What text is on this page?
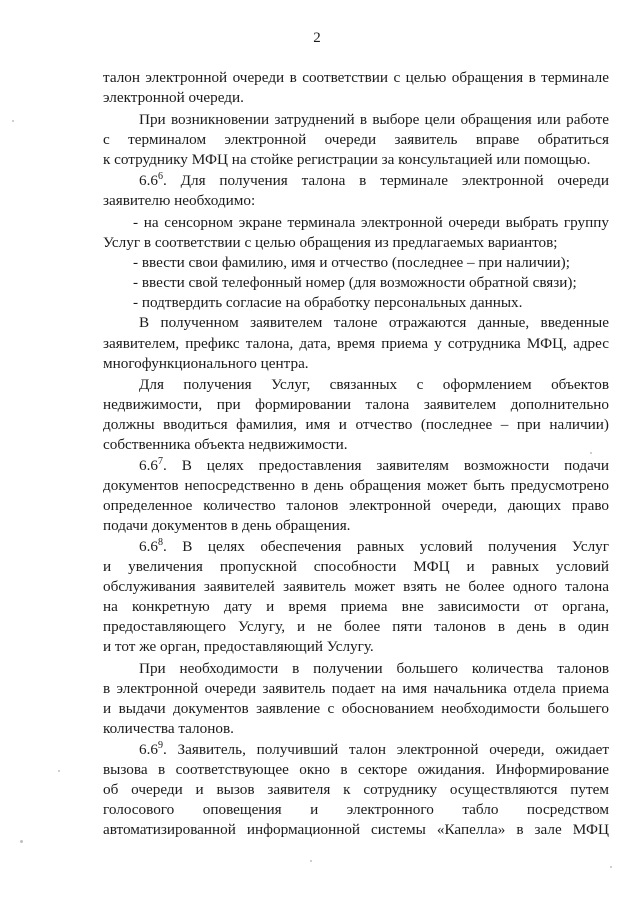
2
талон электронной очереди в соответствии с целью обращения в терминале
электронной очереди.
При возникновении затруднений в выборе цели обращения или работе
с терминалом электронной очереди заявитель вправе обратиться
к сотруднику МФЦ на стойке регистрации за консультацией или помощью.
$6.6^6$. Для получения талона в терминале электронной очереди
заявителю необходимо:
- на сенсорном экране терминала электронной очереди выбрать группу
Услуг в соответствии с целью обращения из предлагаемых вариантов;
- ввести свои фамилию, имя и отчество (последнее – при наличии);
- ввести свой телефонный номер (для возможности обратной связи);
- подтвердить согласие на обработку персональных данных.
В полученном заявителем талоне отражаются данные, введенные
заявителем, префикс талона, дата, время приема у сотрудника МФЦ, адрес
многофункционального центра.
Для получения Услуг, связанных с оформлением объектов
недвижимости, при формировании талона заявителем дополнительно
должны вводиться фамилия, имя и отчество (последнее – при наличии)
собственника объекта недвижимости.
$6.6^7$. В целях предоставления заявителям возможности подачи
документов непосредственно в день обращения может быть предусмотрено
определенное количество талонов электронной очереди, дающих право
подачи документов в день обращения.
$6.6^8$. В целях обеспечения равных условий получения Услуг
и увеличения пропускной способности МФЦ и равных условий
обслуживания заявителей заявитель может взять не более одного талона
на конкретную дату и время приема вне зависимости от органа,
предоставляющего Услугу, и не более пяти талонов в день в один
и тот же орган, предоставляющий Услугу.
При необходимости в получении большего количества талонов
в электронной очереди заявитель подает на имя начальника отдела приема
и выдачи документов заявление с обоснованием необходимости большего
количества талонов.
$6.6^9$. Заявитель, получивший талон электронной очереди, ожидает
вызова в соответствующее окно в секторе ожидания. Информирование
об очереди и вызов заявителя к сотруднику осуществляются путем
голосового оповещения и электронного табло посредством
автоматизированной информационной системы «Капелла» в зале МФЦ
